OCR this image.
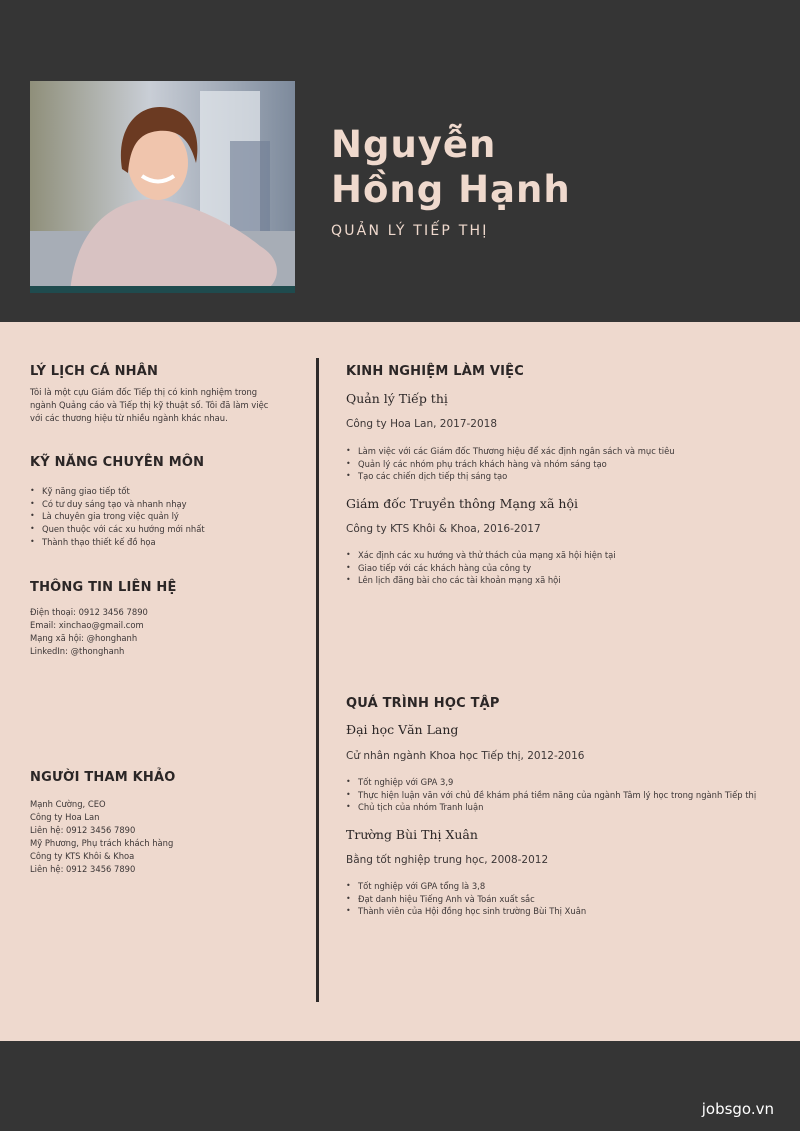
Nguyễn
Hồng Hạnh
QUẢN LÝ TIẾP THỊ
LÝ LỊCH CÁ NHÂN
Tôi là một cựu Giám đốc Tiếp thị có kinh nghiệm trong
ngành Quảng cáo và Tiếp thị kỹ thuật số. Tôi đã làm việc
với các thương hiệu từ nhiều ngành khác nhau.
KỸ NĂNG CHUYÊN MÔN
• Kỹ năng giao tiếp tốt
• Có tư duy sáng tạo và nhanh nhạy
• Là chuyên gia trong việc quản lý
• Quen thuộc với các xu hướng mới nhất
• Thành thạo thiết kế đồ họa
THÔNG TIN LIÊN HỆ
Điện thoại: 0912 3456 7890
Email: xinchao@gmail.com
Mạng xã hội: @honghanh
LinkedIn: @thonghanh
NGƯỜI THAM KHẢO
Mạnh Cường, CEO
Công ty Hoa Lan
Liên hệ: 0912 3456 7890
Mỹ Phương, Phụ trách khách hàng
Công ty KTS Khôi & Khoa
Liên hệ: 0912 3456 7890
KINH NGHIỆM LÀM VIỆC
Quản lý Tiếp thị
Công ty Hoa Lan, 2017-2018
• Làm việc với các Giám đốc Thương hiệu để xác định ngân sách và mục tiêu
• Quản lý các nhóm phụ trách khách hàng và nhóm sáng tạo
• Tạo các chiến dịch tiếp thị sáng tạo
Giám đốc Truyền thông Mạng xã hội
Công ty KTS Khôi & Khoa, 2016-2017
• Xác định các xu hướng và thử thách của mạng xã hội hiện tại
• Giao tiếp với các khách hàng của công ty
• Lên lịch đăng bài cho các tài khoản mạng xã hội
QUÁ TRÌNH HỌC TẬP
Đại học Văn Lang
Cử nhân ngành Khoa học Tiếp thị, 2012-2016
• Tốt nghiệp với GPA 3,9
• Thực hiện luận văn với chủ đề khám phá tiềm năng của ngành Tâm lý học trong ngành Tiếp thị
• Chủ tịch của nhóm Tranh luận
Trường Bùi Thị Xuân
Bằng tốt nghiệp trung học, 2008-2012
• Tốt nghiệp với GPA tổng là 3,8
• Đạt danh hiệu Tiếng Anh và Toán xuất sắc
• Thành viên của Hội đồng học sinh trường Bùi Thị Xuân
jobsgo.vn
